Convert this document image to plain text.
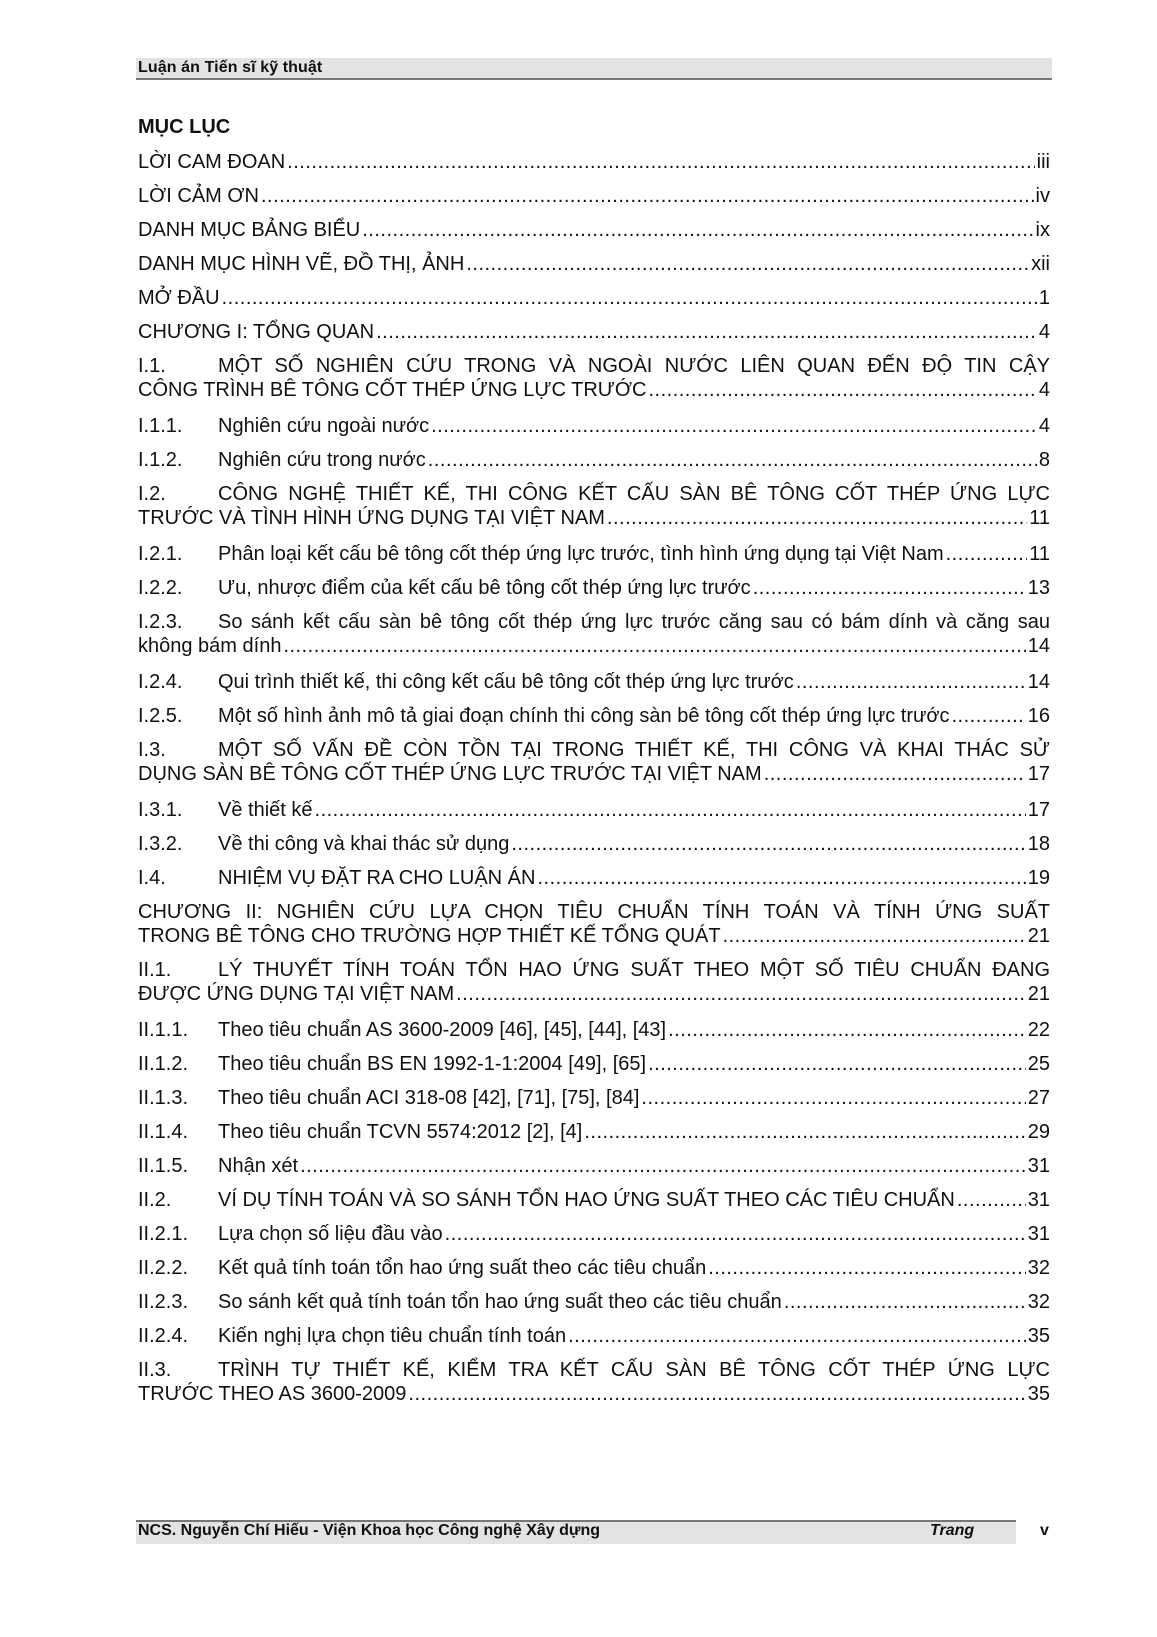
Luận án Tiến sĩ kỹ thuật
MỤC LỤC
LỜI CAM ĐOAN .....	iii
LỜI CẢM ƠN .....	iv
DANH MỤC BẢNG BIỂU .....	ix
DANH MỤC HÌNH VẼ, ĐỒ THỊ, ẢNH .....	xii
MỞ ĐẦU .....	1
CHƯƠNG I: TỔNG QUAN .....	4
I.1.	MỘT SỐ NGHIÊN CỨU TRONG VÀ NGOÀI NƯỚC LIÊN QUAN ĐẾN ĐỘ TIN CẬY
CÔNG TRÌNH BÊ TÔNG CỐT THÉP ỨNG LỰC TRƯỚC .....	4
I.1.1.	Nghiên cứu ngoài nước .....	4
I.1.2.	Nghiên cứu trong nước .....	8
I.2.	CÔNG NGHỆ THIẾT KẾ, THI CÔNG KẾT CẤU SÀN BÊ TÔNG CỐT THÉP ỨNG LỰC
TRƯỚC VÀ TÌNH HÌNH ỨNG DỤNG TẠI VIỆT NAM .....	11
I.2.1.	Phân loại kết cấu bê tông cốt thép ứng lực trước, tình hình ứng dụng tại Việt Nam .....	11
I.2.2.	Ưu, nhược điểm của kết cấu bê tông cốt thép ứng lực trước .....	13
I.2.3. So sánh kết cấu sàn bê tông cốt thép ứng lực trước căng sau có bám dính và căng sau
không bám dính .....	14
I.2.4.	Qui trình thiết kế, thi công kết cấu bê tông cốt thép ứng lực trước .....	14
I.2.5.	Một số hình ảnh mô tả giai đoạn chính thi công sàn bê tông cốt thép ứng lực trước .....	16
I.3.	MỘT SỐ VẤN ĐỀ CÒN TỒN TẠI TRONG THIẾT KẾ, THI CÔNG VÀ KHAI THÁC SỬ
DỤNG SÀN BÊ TÔNG CỐT THÉP ỨNG LỰC TRƯỚC TẠI VIỆT NAM .....	17
I.3.1.	Về thiết kế .....	17
I.3.2.	Về thi công và khai thác sử dụng .....	18
I.4.	NHIỆM VỤ ĐẶT RA CHO LUẬN ÁN .....	19
CHƯƠNG II: NGHIÊN CỨU LỰA CHỌN TIÊU CHUẨN TÍNH TOÁN VÀ TÍNH ỨNG SUẤT
TRONG BÊ TÔNG CHO TRƯỜNG HỢP THIẾT KẾ TỔNG QUÁT .....	21
II.1. LÝ THUYẾT TÍNH TOÁN TỔN HAO ỨNG SUẤT THEO MỘT SỐ TIÊU CHUẨN ĐANG
ĐƯỢC ỨNG DỤNG TẠI VIỆT NAM .....	21
II.1.1.	Theo tiêu chuẩn AS 3600-2009 [46], [45], [44], [43] .....	22
II.1.2.	Theo tiêu chuẩn BS EN 1992-1-1:2004 [49], [65] .....	25
II.1.3.	Theo tiêu chuẩn ACI 318-08 [42], [71], [75], [84] .....	27
II.1.4.	Theo tiêu chuẩn TCVN 5574:2012 [2], [4] .....	29
II.1.5.	Nhận xét .....	31
II.2.	VÍ DỤ TÍNH TOÁN VÀ SO SÁNH TỔN HAO ỨNG SUẤT THEO CÁC TIÊU CHUẨN .....	31
II.2.1.	Lựa chọn số liệu đầu vào .....	31
II.2.2.	Kết quả tính toán tổn hao ứng suất theo các tiêu chuẩn .....	32
II.2.3.	So sánh kết quả tính toán tổn hao ứng suất theo các tiêu chuẩn .....	32
II.2.4.	Kiến nghị lựa chọn tiêu chuẩn tính toán .....	35
II.3. TRÌNH TỰ THIẾT KẾ, KIỂM TRA KẾT CẤU SÀN BÊ TÔNG CỐT THÉP ỨNG LỰC
TRƯỚC THEO AS 3600-2009 .....	35
NCS. Nguyễn Chí Hiếu - Viện Khoa học Công nghệ Xây dựng	Trang	v
